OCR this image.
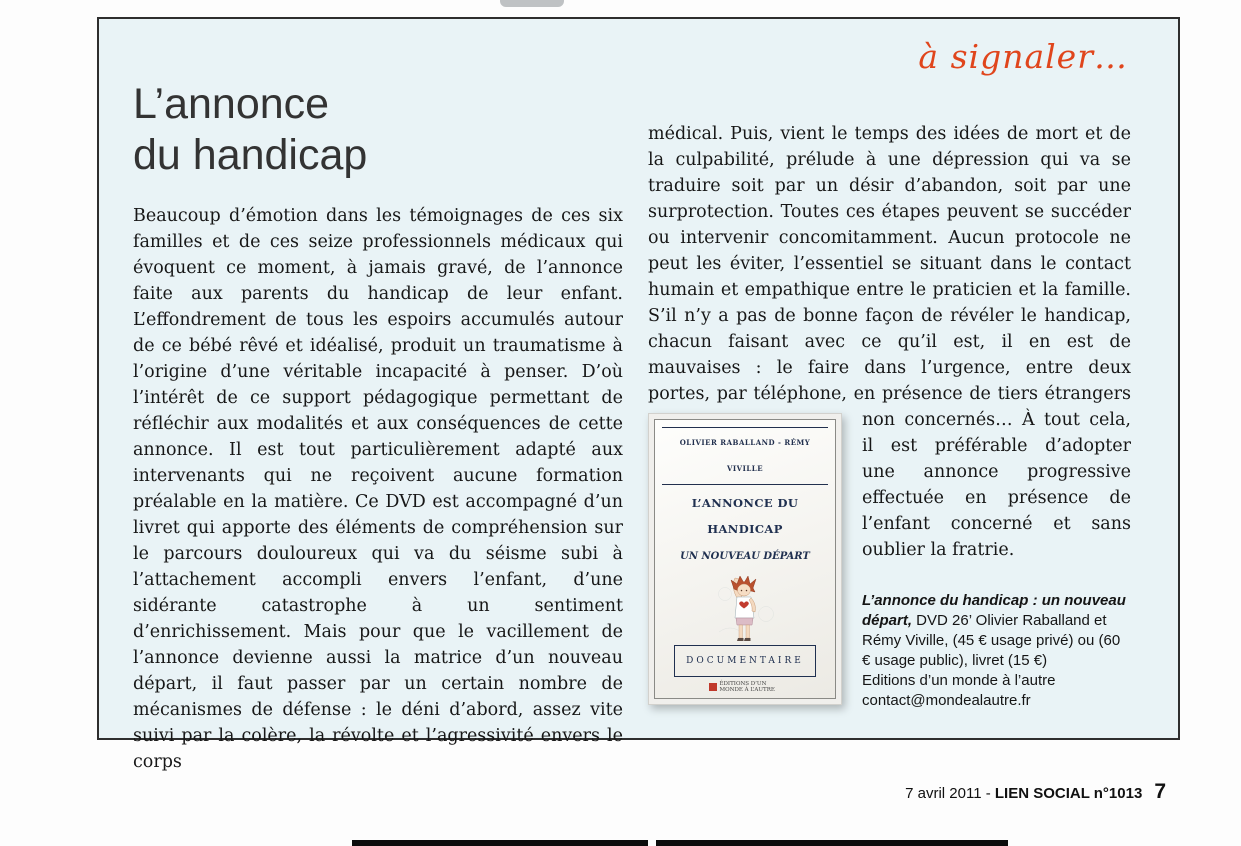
à signaler…
L’annonce
du handicap
Beaucoup d’émotion dans les témoignages de ces six familles et de ces seize professionnels médicaux qui évoquent ce moment, à jamais gravé, de l’annonce faite aux parents du handicap de leur enfant. L’effondrement de tous les espoirs accumulés autour de ce bébé rêvé et idéalisé, produit un traumatisme à l’origine d’une véritable incapacité à penser. D’où l’intérêt de ce support pédagogique permettant de réfléchir aux modalités et aux conséquences de cette annonce. Il est tout particulièrement adapté aux intervenants qui ne reçoivent aucune formation préalable en la matière. Ce DVD est accompagné d’un livret qui apporte des éléments de compréhension sur le parcours douloureux qui va du séisme subi à l’attachement accompli envers l’enfant, d’une sidérante catastrophe à un sentiment d’enrichissement. Mais pour que le vacillement de l’annonce devienne aussi la matrice d’un nouveau départ, il faut passer par un certain nombre de mécanismes de défense : le déni d’abord, assez vite suivi par la colère, la révolte et l’agressivité envers le corps
médical. Puis, vient le temps des idées de mort et de la culpabilité, prélude à une dépression qui va se traduire soit par un désir d’abandon, soit par une surprotection. Toutes ces étapes peuvent se succéder ou intervenir concomitamment. Aucun protocole ne peut les éviter, l’essentiel se situant dans le contact humain et empathique entre le praticien et la famille. S’il n’y a pas de bonne façon de révéler le handicap, chacun faisant avec ce qu’il est, il en est de mauvaises : le faire dans l’urgence, entre deux portes, par téléphone, en présence de tiers étrangers non concernés… À tout
OLIVIER RABALLAND - RÉMY VIVILLE
L’ANNONCE DU HANDICAP
UN NOUVEAU DÉPART
DOCUMENTAIRE
ÉDITIONS D’UN MONDE À L’AUTRE
cela, il est préférable d’adopter une annonce progressive effectuée en présence de l’enfant concerné et sans oublier la fratrie.
L’annonce du handicap : un nouveau départ, DVD 26’ Olivier Raballand et Rémy Viville, (45 € usage privé) ou (60 € usage public), livret (15 €)
Editions d’un monde à l’autre
contact@mondealautre.fr
7 avril 2011 - LIEN SOCIAL n°1013 7
